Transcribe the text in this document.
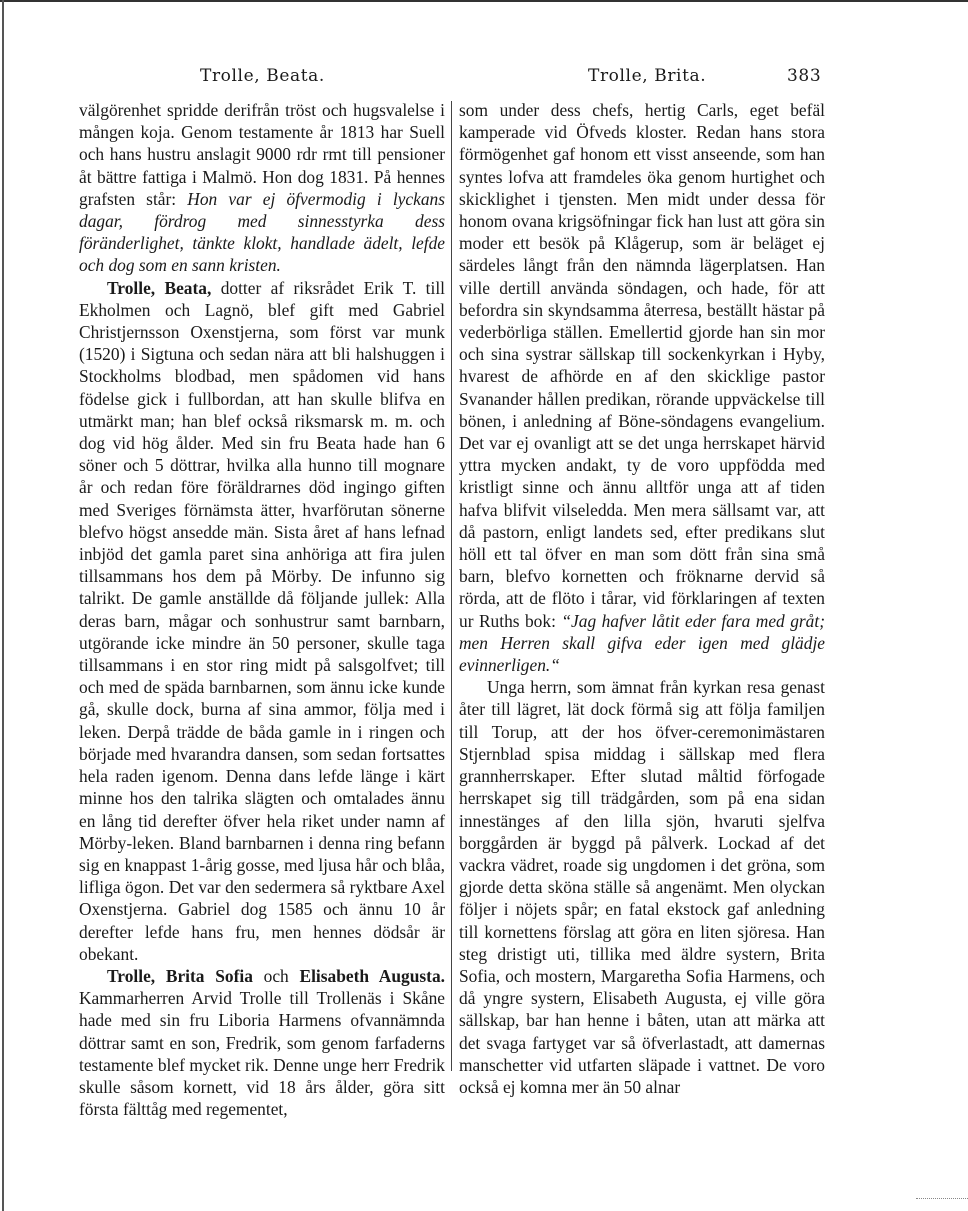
Trolle, Beata.	Trolle, Brita.	383

välgörenhet spridde derifrån tröst och hugsvalelse i mången koja. Genom testamente år 1813 har Suell och hans hustru anslagit 9000 rdr rmt till pensioner åt bättre fattiga i Malmö. Hon dog 1831. På hennes grafsten står: Hon var ej öfvermodig i lyckans dagar, fördrog med sinnesstyrka dess föränderlighet, tänkte klokt, handlade ädelt, lefde och dog som en sann kristen.

Trolle, Beata, dotter af riksrådet Erik T. till Ekholmen och Lagnö, blef gift med Gabriel Christjernsson Oxenstjerna, som först var munk (1520) i Sigtuna och sedan nära att bli halshuggen i Stockholms blodbad, men spådomen vid hans födelse gick i fullbordan, att han skulle blifva en utmärkt man; han blef också riksmarsk m. m. och dog vid hög ålder. Med sin fru Beata hade han 6 söner och 5 döttrar, hvilka alla hunno till mognare år och redan före föräldrarnes död ingingo giften med Sveriges förnämsta ätter, hvarförutan sönerne blefvo högst ansedde män. Sista året af hans lefnad inbjöd det gamla paret sina anhöriga att fira julen tillsammans hos dem på Mörby. De infunno sig talrikt. De gamle anställde då följande jullek: Alla deras barn, mågar och sonhustrur samt barnbarn, utgörande icke mindre än 50 personer, skulle taga tillsammans i en stor ring midt på salsgolfvet; till och med de späda barnbarnen, som ännu icke kunde gå, skulle dock, burna af sina ammor, följa med i leken. Derpå trädde de båda gamle in i ringen och började med hvarandra dansen, som sedan fortsattes hela raden igenom. Denna dans lefde länge i kärt minne hos den talrika slägten och omtalades ännu en lång tid derefter öfver hela riket under namn af Mörby-leken. Bland barnbarnen i denna ring befann sig en knappast 1-årig gosse, med ljusa hår och blåa, lifliga ögon. Det var den sedermera så ryktbare Axel Oxenstjerna. Gabriel dog 1585 och ännu 10 år derefter lefde hans fru, men hennes dödsår är obekant.

Trolle, Brita Sofia och Elisabeth Augusta. Kammarherren Arvid Trolle till Trollenäs i Skåne hade med sin fru Liboria Harmens ofvannämnda döttrar samt en son, Fredrik, som genom farfaderns testamente blef mycket rik. Denne unge herr Fredrik skulle såsom kornett, vid 18 års ålder, göra sitt första fälttåg med regementet,

som under dess chefs, hertig Carls, eget befäl kamperade vid Öfveds kloster. Redan hans stora förmögenhet gaf honom ett visst anseende, som han syntes lofva att framdeles öka genom hurtighet och skicklighet i tjensten. Men midt under dessa för honom ovana krigsöfningar fick han lust att göra sin moder ett besök på Klågerup, som är beläget ej särdeles långt från den nämnda lägerplatsen. Han ville dertill använda söndagen, och hade, för att befordra sin skyndsamma återresa, beställt hästar på vederbörliga ställen. Emellertid gjorde han sin mor och sina systrar sällskap till sockenkyrkan i Hyby, hvarest de afhörde en af den skicklige pastor Svanander hållen predikan, rörande uppväckelse till bönen, i anledning af Böne-söndagens evangelium. Det var ej ovanligt att se det unga herrskapet härvid yttra mycken andakt, ty de voro uppfödda med kristligt sinne och ännu alltför unga att af tiden hafva blifvit vilseledda. Men mera sällsamt var, att då pastorn, enligt landets sed, efter predikans slut höll ett tal öfver en man som dött från sina små barn, blefvo kornetten och fröknarne dervid så rörda, att de flöto i tårar, vid förklaringen af texten ur Ruths bok: “Jag hafver låtit eder fara med gråt; men Herren skall gifva eder igen med glädje evinnerligen.“

Unga herrn, som ämnat från kyrkan resa genast åter till lägret, lät dock förmå sig att följa familjen till Torup, att der hos öfver-ceremonimästaren Stjernblad spisa middag i sällskap med flera grannherrskaper. Efter slutad måltid förfogade herrskapet sig till trädgården, som på ena sidan innestänges af den lilla sjön, hvaruti sjelfva borggården är byggd på pålverk. Lockad af det vackra vädret, roade sig ungdomen i det gröna, som gjorde detta sköna ställe så angenämt. Men olyckan följer i nöjets spår; en fatal ekstock gaf anledning till kornettens förslag att göra en liten sjöresa. Han steg dristigt uti, tillika med äldre systern, Brita Sofia, och mostern, Margaretha Sofia Harmens, och då yngre systern, Elisabeth Augusta, ej ville göra sällskap, bar han henne i båten, utan att märka att det svaga fartyget var så öfverlastadt, att damernas manschetter vid utfarten släpade i vattnet. De voro också ej komna mer än 50 alnar
